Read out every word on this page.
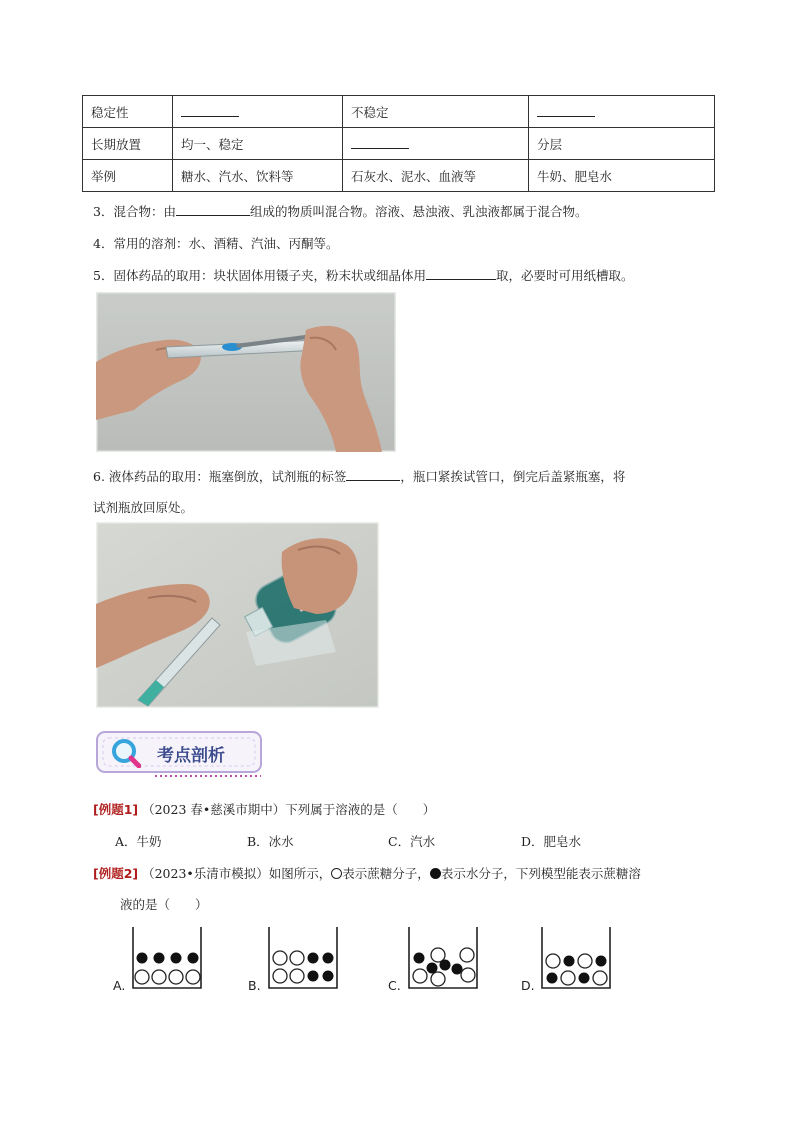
稳定性		不稳定	
长期放置	均一、稳定		分层
举例	糖水、汽水、饮料等	石灰水、泥水、血液等	牛奶、肥皂水
3．混合物：由	组成的物质叫混合物。溶液、悬浊液、乳浊液都属于混合物。
4．常用的溶剂：水、酒精、汽油、丙酮等。
5．固体药品的取用：块状固体用镊子夹，粉末状或细晶体用	取，必要时可用纸槽取。
6. 液体药品的取用：瓶塞倒放，试剂瓶的标签	，瓶口紧挨试管口，倒完后盖紧瓶塞，将
试剂瓶放回原处。
考点剖析
[例题1] （2023 春•慈溪市期中）下列属于溶液的是（　　）
A．牛奶	B．冰水	C．汽水	D．肥皂水
[例题2] （2023•乐清市模拟）如图所示， 表示蔗糖分子， 表示水分子，下列模型能表示蔗糖溶
液的是（　　）
A.	B.	C.	D.
